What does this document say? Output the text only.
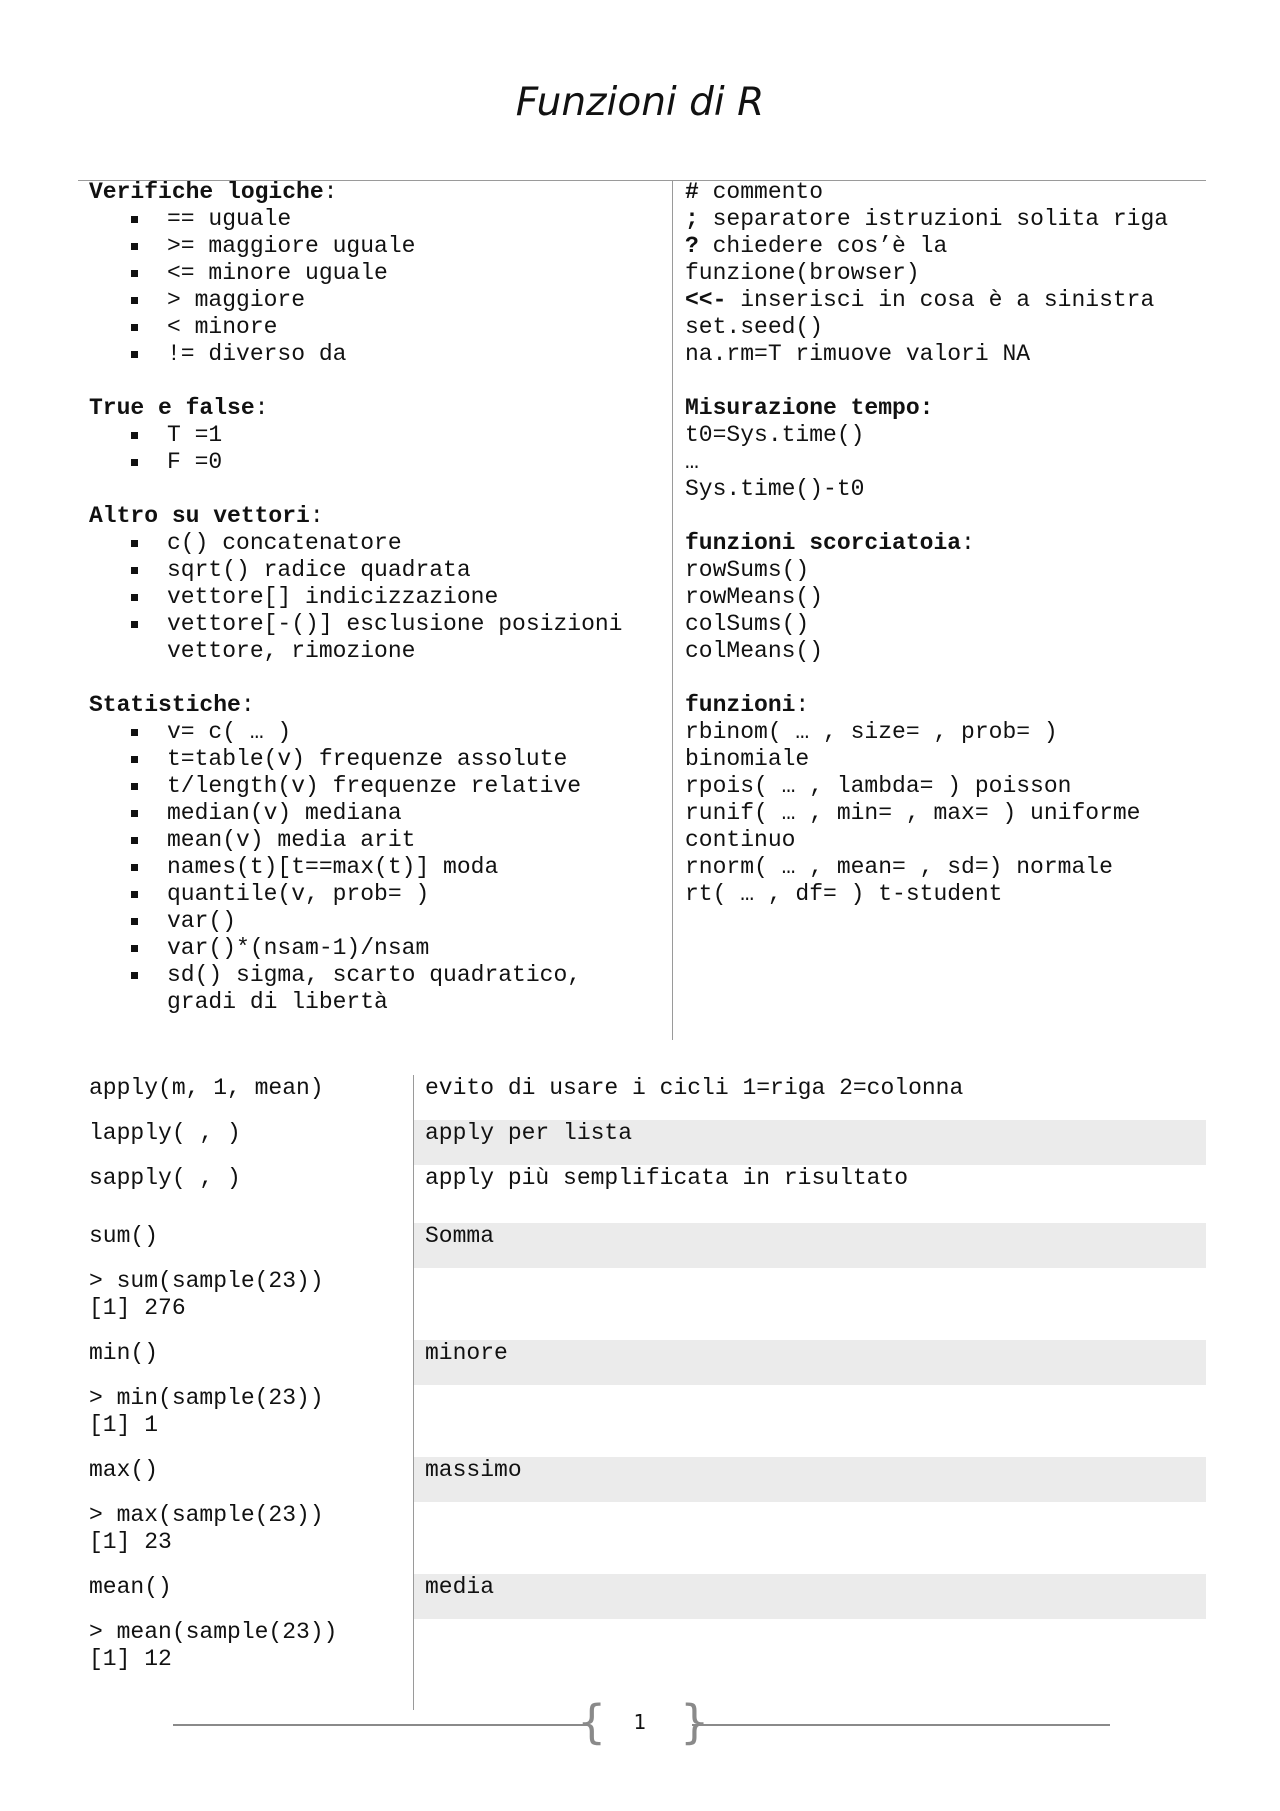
Funzioni di R
Verifiche logiche:
== uguale
>= maggiore uguale
<= minore uguale
> maggiore
< minore
!= diverso da
True e false:
T =1
F =0
Altro su vettori:
c() concatenatore
sqrt() radice quadrata
vettore[] indicizzazione
vettore[-()] esclusione posizioni
vettore, rimozione
Statistiche:
v= c( … )
t=table(v) frequenze assolute
t/length(v) frequenze relative
median(v) mediana
mean(v) media arit
names(t)[t==max(t)] moda
quantile(v, prob= )
var()
var()*(nsam-1)/nsam
sd() sigma, scarto quadratico,
gradi di libertà
# commento
; separatore istruzioni solita riga
? chiedere cos’è la
funzione(browser)
<<- inserisci in cosa è a sinistra
set.seed()
na.rm=T rimuove valori NA
Misurazione tempo:
t0=Sys.time()
…
Sys.time()-t0
funzioni scorciatoia:
rowSums()
rowMeans()
colSums()
colMeans()
funzioni:
rbinom( … , size= , prob= )
binomiale
rpois( … , lambda= ) poisson
runif( … , min= , max= ) uniforme
continuo
rnorm( … , mean= , sd=) normale
rt( … , df= ) t-student
evito di usare i cicli 1=riga 2=colonna
apply(m, 1, mean)
apply per lista
lapply( , )
apply più semplificata in risultato
sapply( , )
Somma
sum()
> sum(sample(23))
[1] 276
minore
min()
> min(sample(23))
[1] 1
massimo
max()
> max(sample(23))
[1] 23
media
mean()
> mean(sample(23))
[1] 12
{ }
1
